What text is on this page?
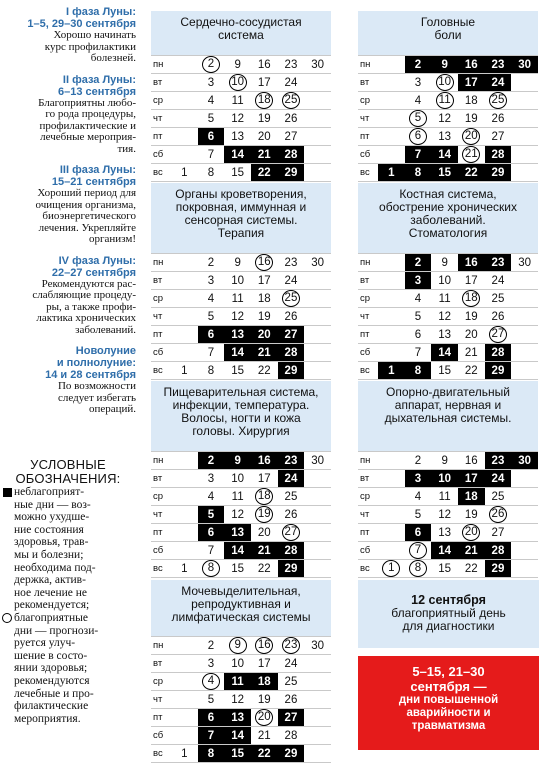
I фаза Луны:
1–5, 29–30 сентября
Хорошо начинать
курс профилактики
болезней.
II фаза Луны:
6–13 сентября
Благоприятны любо-
го рода процедуры,
профилактические и
лечебные мероприя-
тия.
III фаза Луны:
15–21 сентября
Хороший период для
очищения организма,
биоэнергетического
лечения. Укрепляйте
организм!
IV фаза Луны:
22–27 сентября
Рекомендуются рас-
слабляющие процеду-
ры, а также профи-
лактика хронических
заболеваний.
Новолуние
и полнолуние:
14 и 28 сентября
По возможности
следует избегать
операций.
УСЛОВНЫЕ
ОБОЗНАЧЕНИЯ:
неблагоприят-
ные дни — воз-
можно ухудше-
ние состояния
здоровья, трав-
мы и болезни;
необходима под-
держка, актив-
ное лечение не
рекомендуется;
благоприятные
дни — прогнози-
руется улуч-
шение в состо-
янии здоровья;
рекомендуются
лечебные и про-
филактические
мероприятия.
Сердечно-сосудистая
система
пн		2	9	16	23	30
вт		3	10	17	24	
ср		4	11	18	25	
чт		5	12	19	26	
пт		6	13	20	27	
сб		7	14	21	28	
вс	1	8	15	22	29	
Головные
боли
пн		2	9	16	23	30
вт		3	10	17	24	
ср		4	11	18	25	
чт		5	12	19	26	
пт		6	13	20	27	
сб		7	14	21	28	
вс	1	8	15	22	29	
Органы кроветворения,
покровная, иммунная и
сенсорная системы.
Терапия
пн		2	9	16	23	30
вт		3	10	17	24	
ср		4	11	18	25	
чт		5	12	19	26	
пт		6	13	20	27	
сб		7	14	21	28	
вс	1	8	15	22	29	
Костная система,
обострение хронических
заболеваний.
Стоматология
пн		2	9	16	23	30
вт		3	10	17	24	
ср		4	11	18	25	
чт		5	12	19	26	
пт		6	13	20	27	
сб		7	14	21	28	
вс	1	8	15	22	29	
Пищеварительная система,
инфекции, температура.
Волосы, ногти и кожа
головы. Хирургия
пн		2	9	16	23	30
вт		3	10	17	24	
ср		4	11	18	25	
чт		5	12	19	26	
пт		6	13	20	27	
сб		7	14	21	28	
вс	1	8	15	22	29	
Опорно-двигательный
аппарат, нервная и
дыхательная системы.
пн		2	9	16	23	30
вт		3	10	17	24	
ср		4	11	18	25	
чт		5	12	19	26	
пт		6	13	20	27	
сб		7	14	21	28	
вс	1	8	15	22	29	
Мочевыделительная,
репродуктивная и
лимфатическая системы
пн		2	9	16	23	30
вт		3	10	17	24	
ср		4	11	18	25	
чт		5	12	19	26	
пт		6	13	20	27	
сб		7	14	21	28	
вс	1	8	15	22	29	
12 сентября
благоприятный день
для диагностики
5–15, 21–30
сентября —
дни повышенной
аварийности и
травматизма
